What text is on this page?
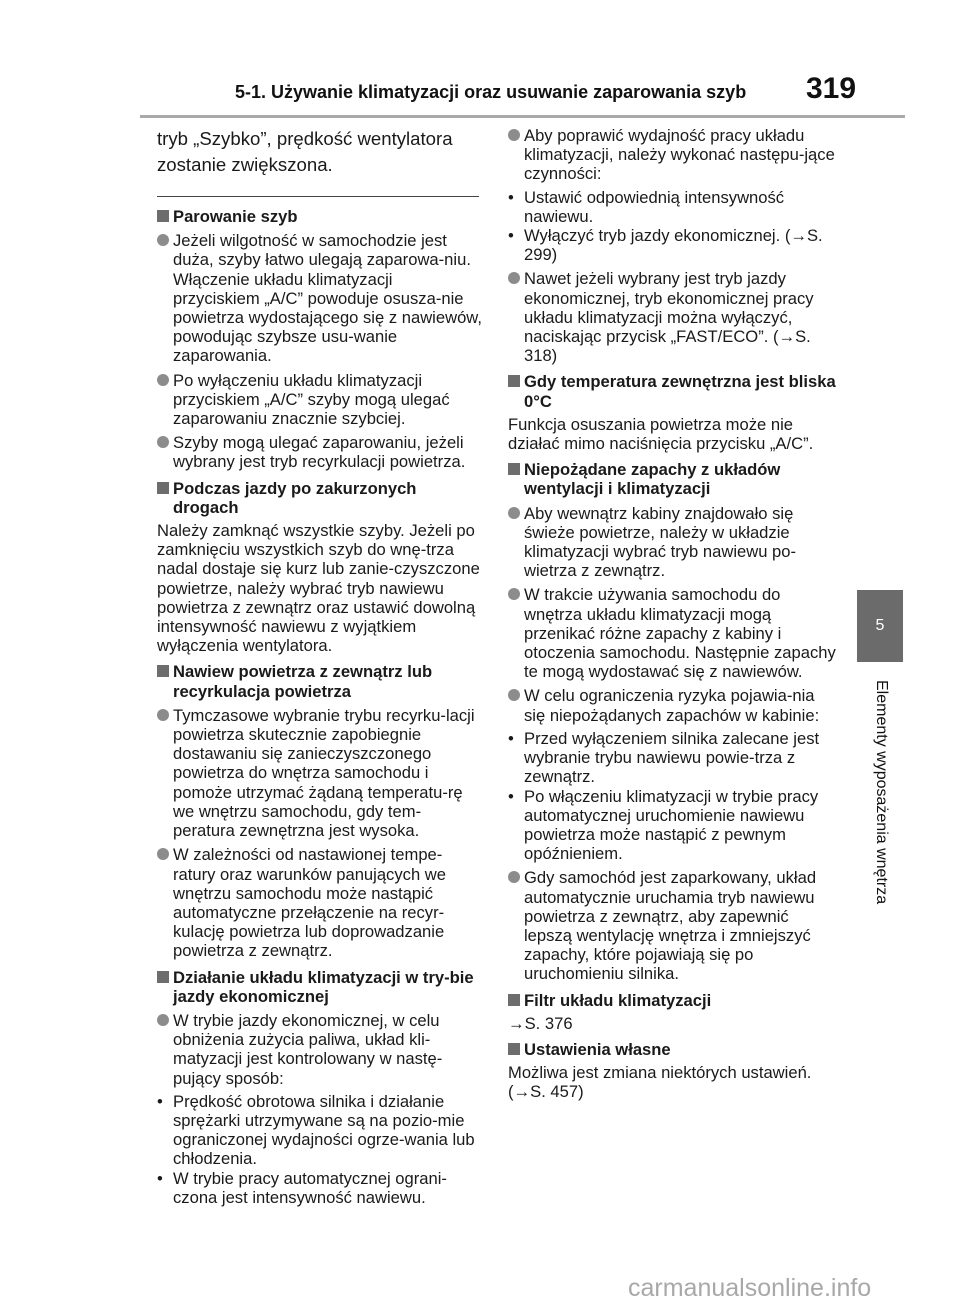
5-1. Używanie klimatyzacji oraz usuwanie zaparowania szyb 319
5
Elementy wyposażenia wnętrza

tryb „Szybko”, prędkość wentylatora zostanie zwiększona.

Parowanie szyb
Jeżeli wilgotność w samochodzie jest duża, szyby łatwo ulegają zaparowa-niu. Włączenie układu klimatyzacji przyciskiem „A/C” powoduje osusza-nie powietrza wydostającego się z nawiewów, powodując szybsze usu-wanie zaparowania.
Po wyłączeniu układu klimatyzacji przyciskiem „A/C” szyby mogą ulegać zaparowaniu znacznie szybciej.
Szyby mogą ulegać zaparowaniu, jeżeli wybrany jest tryb recyrkulacji powietrza.
Podczas jazdy po zakurzonych drogach

Należy zamknąć wszystkie szyby. Jeżeli po zamknięciu wszystkich szyb do wnę-trza nadal dostaje się kurz lub zanie-czyszczone powietrze, należy wybrać tryb nawiewu powietrza z zewnątrz oraz ustawić dowolną intensywność nawiewu z wyjątkiem wyłączenia wentylatora.

Nawiew powietrza z zewnątrz lub recyrkulacja powietrza
Tymczasowe wybranie trybu recyrku-lacji powietrza skutecznie zapobiegnie dostawaniu się zanieczyszczonego powietrza do wnętrza samochodu i pomoże utrzymać żądaną temperatu-rę we wnętrzu samochodu, gdy tem-peratura zewnętrzna jest wysoka.
W zależności od nastawionej tempe-ratury oraz warunków panujących we wnętrzu samochodu może nastąpić automatyczne przełączenie na recyr-kulację powietrza lub doprowadzanie powietrza z zewnątrz.
Działanie układu klimatyzacji w try-bie jazdy ekonomicznej
W trybie jazdy ekonomicznej, w celu obniżenia zużycia paliwa, układ kli-matyzacji jest kontrolowany w nastę-pujący sposób:

• Prędkość obrotowa silnika i działanie sprężarki utrzymywane są na pozio-mie ograniczonej wydajności ogrze-wania lub chłodzenia.

• W trybie pracy automatycznej ograni-czona jest intensywność nawiewu.

Aby poprawić wydajność pracy układu klimatyzacji, należy wykonać następu-jące czynności:

• Ustawić odpowiednią intensywność nawiewu.

• Wyłączyć tryb jazdy ekonomicznej. (→S. 299)

Nawet jeżeli wybrany jest tryb jazdy ekonomicznej, tryb ekonomicznej pracy układu klimatyzacji można wyłączyć, naciskając przycisk „FAST/ECO”. (→S. 318)
Gdy temperatura zewnętrzna jest bliska 0°C

Funkcja osuszania powietrza może nie działać mimo naciśnięcia przycisku „A/C”.

Niepożądane zapachy z układów wentylacji i klimatyzacji
Aby wewnątrz kabiny znajdowało się świeże powietrze, należy w układzie klimatyzacji wybrać tryb nawiewu po-wietrza z zewnątrz.
W trakcie używania samochodu do wnętrza układu klimatyzacji mogą przenikać różne zapachy z kabiny i otoczenia samochodu. Następnie zapachy te mogą wydostawać się z nawiewów.
W celu ograniczenia ryzyka pojawia-nia się niepożądanych zapachów w kabinie:

• Przed wyłączeniem silnika zalecane jest wybranie trybu nawiewu powie-trza z zewnątrz.

• Po włączeniu klimatyzacji w trybie pracy automatycznej uruchomienie nawiewu powietrza może nastąpić z pewnym opóźnieniem.

Gdy samochód jest zaparkowany, układ automatycznie uruchamia tryb nawiewu powietrza z zewnątrz, aby zapewnić lepszą wentylację wnętrza i zmniejszyć zapachy, które pojawiają się po uruchomieniu silnika.
Filtr układu klimatyzacji

→S. 376

Ustawienia własne

Możliwa jest zmiana niektórych ustawień. (→S. 457)

carmanualsonline.info
